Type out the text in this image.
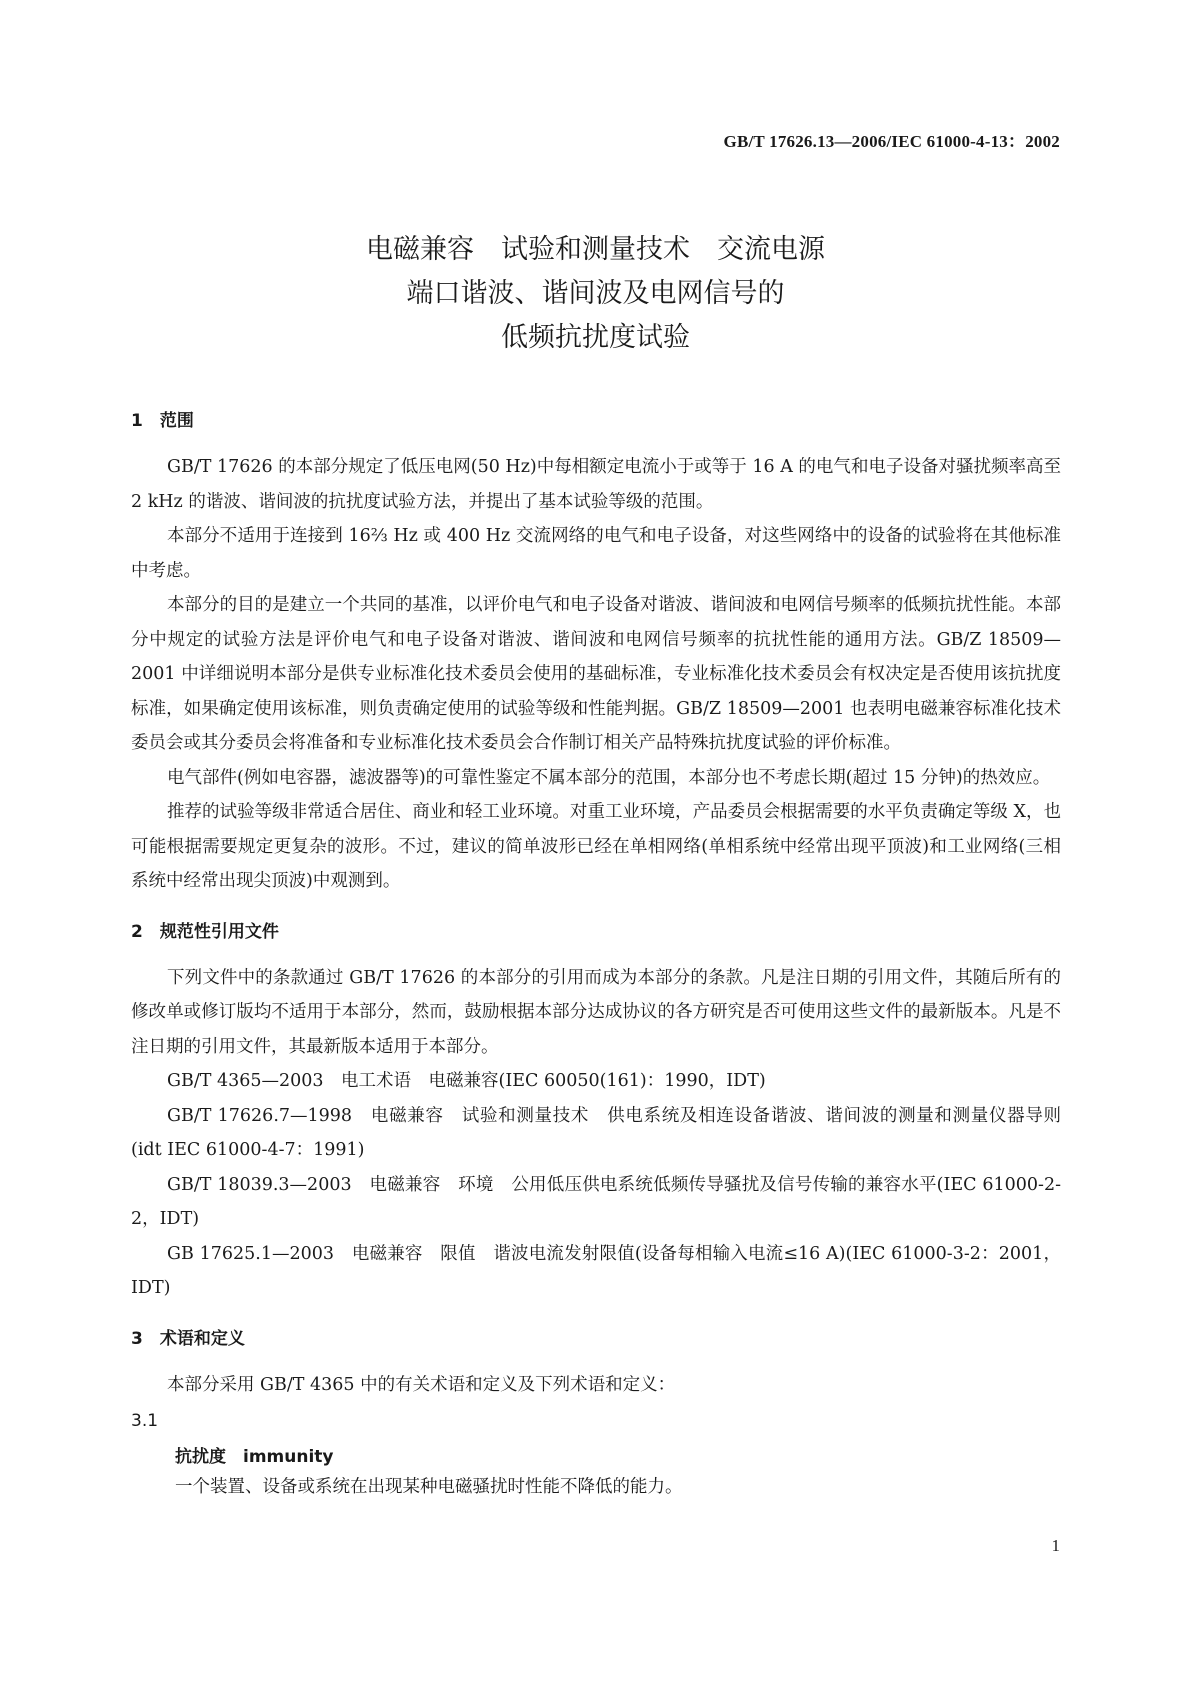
GB/T 17626.13—2006/IEC 61000-4-13：2002
电磁兼容　试验和测量技术　交流电源
端口谐波、谐间波及电网信号的
低频抗扰度试验
1　范围

GB/T 17626 的本部分规定了低压电网(50 Hz)中每相额定电流小于或等于 16 A 的电气和电子设备对骚扰频率高至 2 kHz 的谐波、谐间波的抗扰度试验方法，并提出了基本试验等级的范围。

本部分不适用于连接到 16⅔ Hz 或 400 Hz 交流网络的电气和电子设备，对这些网络中的设备的试验将在其他标准中考虑。

本部分的目的是建立一个共同的基准，以评价电气和电子设备对谐波、谐间波和电网信号频率的低频抗扰性能。本部分中规定的试验方法是评价电气和电子设备对谐波、谐间波和电网信号频率的抗扰性能的通用方法。GB/Z 18509—2001 中详细说明本部分是供专业标准化技术委员会使用的基础标准，专业标准化技术委员会有权决定是否使用该抗扰度标准，如果确定使用该标准，则负责确定使用的试验等级和性能判据。GB/Z 18509—2001 也表明电磁兼容标准化技术委员会或其分委员会将准备和专业标准化技术委员会合作制订相关产品特殊抗扰度试验的评价标准。

电气部件(例如电容器，滤波器等)的可靠性鉴定不属本部分的范围，本部分也不考虑长期(超过 15 分钟)的热效应。

推荐的试验等级非常适合居住、商业和轻工业环境。对重工业环境，产品委员会根据需要的水平负责确定等级 X，也可能根据需要规定更复杂的波形。不过，建议的简单波形已经在单相网络(单相系统中经常出现平顶波)和工业网络(三相系统中经常出现尖顶波)中观测到。

2　规范性引用文件

下列文件中的条款通过 GB/T 17626 的本部分的引用而成为本部分的条款。凡是注日期的引用文件，其随后所有的修改单或修订版均不适用于本部分，然而，鼓励根据本部分达成协议的各方研究是否可使用这些文件的最新版本。凡是不注日期的引用文件，其最新版本适用于本部分。

GB/T 4365—2003　电工术语　电磁兼容(IEC 60050(161)：1990，IDT)

GB/T 17626.7—1998　电磁兼容　试验和测量技术　供电系统及相连设备谐波、谐间波的测量和测量仪器导则(idt IEC 61000-4-7：1991)

GB/T 18039.3—2003　电磁兼容　环境　公用低压供电系统低频传导骚扰及信号传输的兼容水平(IEC 61000-2-2，IDT)

GB 17625.1—2003　电磁兼容　限值　谐波电流发射限值(设备每相输入电流≤16 A)(IEC 61000-3-2：2001，IDT)

3　术语和定义

本部分采用 GB/T 4365 中的有关术语和定义及下列术语和定义：

3.1
抗扰度　immunity
一个装置、设备或系统在出现某种电磁骚扰时性能不降低的能力。
1
